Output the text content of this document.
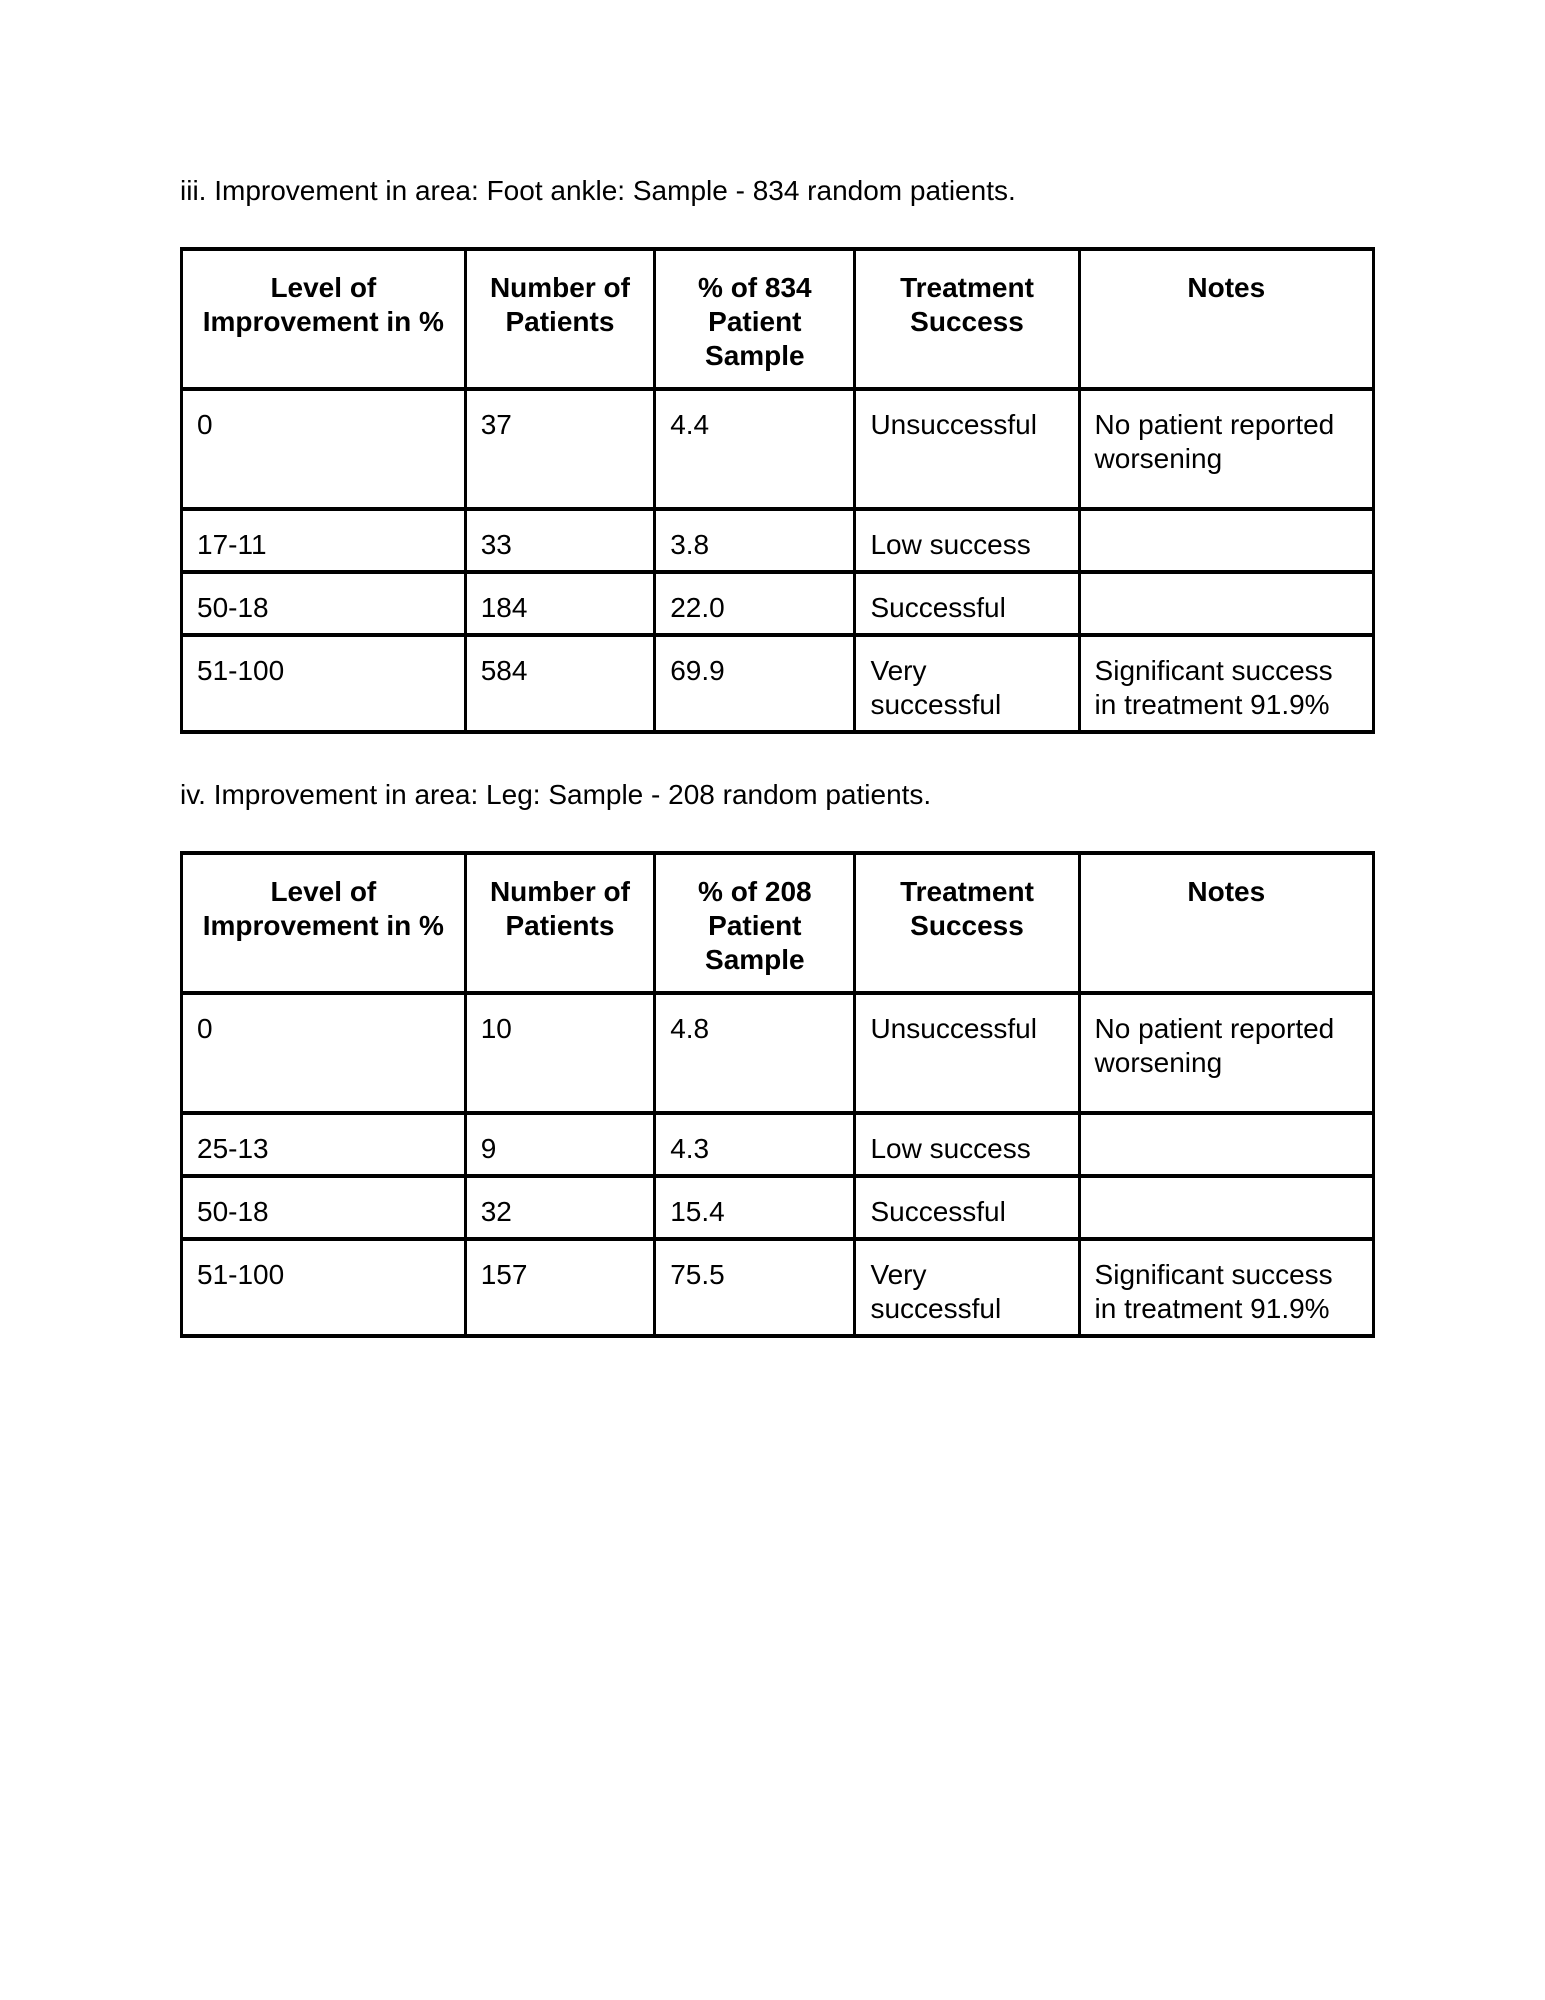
iii. Improvement in area: Foot ankle: Sample - 834 random patients.

Level of Improvement in %	Number of Patients	% of 834 Patient Sample	Treatment Success	Notes
0	37	4.4	Unsuccessful	No patient reported worsening
17-11	33	3.8	Low success	
50-18	184	22.0	Successful	
51-100	584	69.9	Very successful	Significant success in treatment 91.9%

iv. Improvement in area: Leg: Sample - 208 random patients.

Level of Improvement in %	Number of Patients	% of 208 Patient Sample	Treatment Success	Notes
0	10	4.8	Unsuccessful	No patient reported worsening
25-13	9	4.3	Low success	
50-18	32	15.4	Successful	
51-100	157	75.5	Very successful	Significant success in treatment 91.9%
